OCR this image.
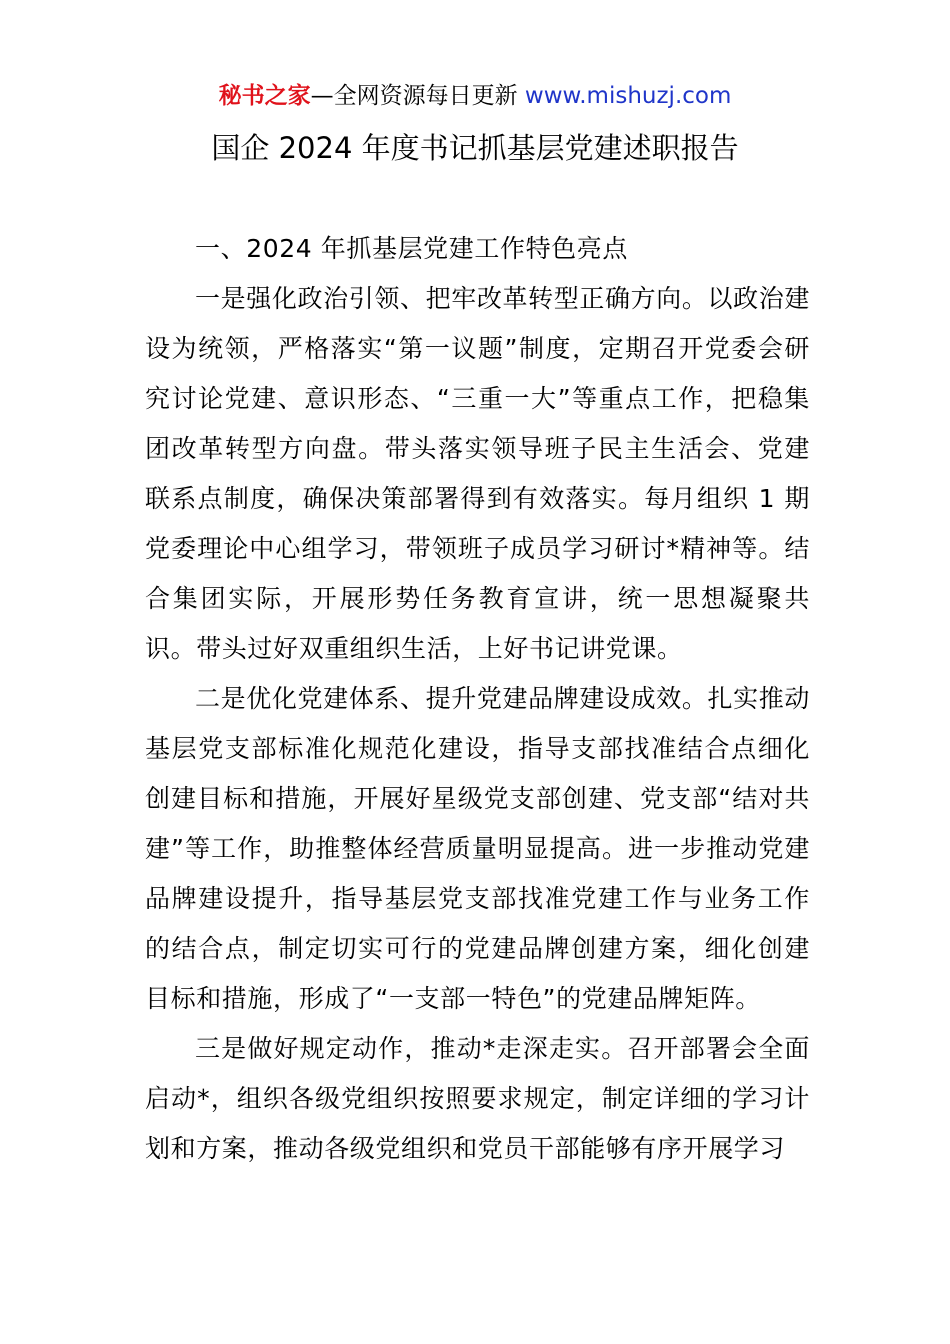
秘书之家—全网资源每日更新 www.mishuzj.com
国企 2024 年度书记抓基层党建述职报告

一、2024 年抓基层党建工作特色亮点

一是强化政治引领、把牢改革转型正确方向。以政治建设为统领，严格落实“第一议题”制度，定期召开党委会研究讨论党建、意识形态、“三重一大”等重点工作，把稳集团改革转型方向盘。带头落实领导班子民主生活会、党建联系点制度，确保决策部署得到有效落实。每月组织 1 期党委理论中心组学习，带领班子成员学习研讨*精神等。结合集团实际，开展形势任务教育宣讲，统一思想凝聚共识。带头过好双重组织生活，上好书记讲党课。

二是优化党建体系、提升党建品牌建设成效。扎实推动基层党支部标准化规范化建设，指导支部找准结合点细化创建目标和措施，开展好星级党支部创建、党支部“结对共建”等工作，助推整体经营质量明显提高。进一步推动党建品牌建设提升，指导基层党支部找准党建工作与业务工作的结合点，制定切实可行的党建品牌创建方案，细化创建目标和措施，形成了“一支部一特色”的党建品牌矩阵。

三是做好规定动作，推动*走深走实。召开部署会全面启动*，组织各级党组织按照要求规定，制定详细的学习计划和方案，推动各级党组织和党员干部能够有序开展学习
